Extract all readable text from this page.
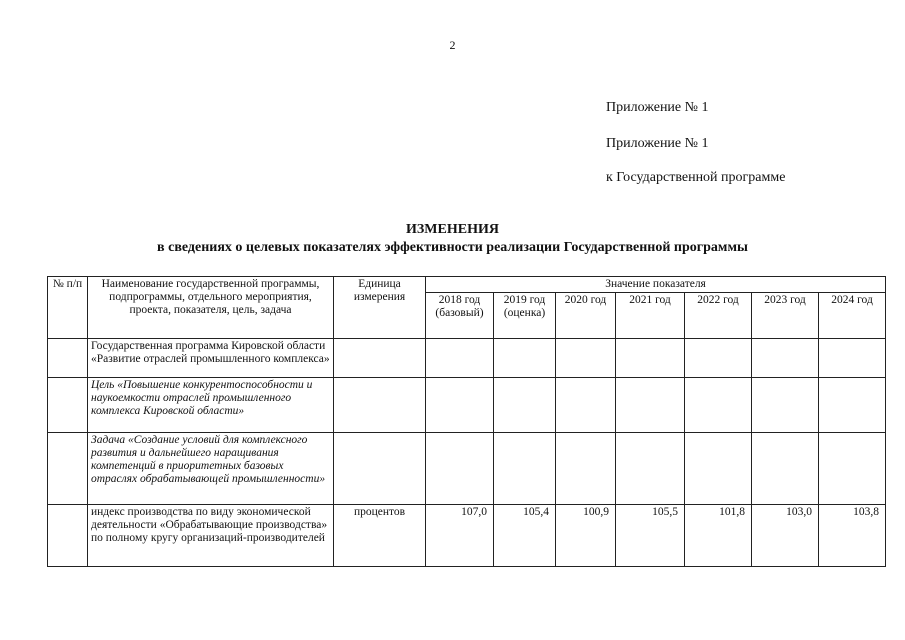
2
Приложение № 1
Приложение № 1
к Государственной программе
ИЗМЕНЕНИЯ
в сведениях о целевых показателях эффективности реализации Государственной программы
№ п/п	Наименование государственной программы, подпрограммы, отдельного мероприятия, проекта, показателя, цель, задача	Единица измерения	Значение показателя						
			2018 год (базовый)	2019 год (оценка)	2020 год	2021 год	2022 год	2023 год	2024 год
	Государственная программа Кировской области «Развитие отраслей промышленного комплекса»								
	Цель «Повышение конкурентоспособности и наукоемкости отраслей промышленного комплекса Кировской области»								
	Задача «Создание условий для комплексного развития и дальнейшего наращивания компетенций в приоритетных базовых отраслях обрабатывающей промышленности»								
	индекс производства по виду экономической деятельности «Обрабатывающие производства» по полному кругу организаций-производителей	процентов	107,0	105,4	100,9	105,5	101,8	103,0	103,8
